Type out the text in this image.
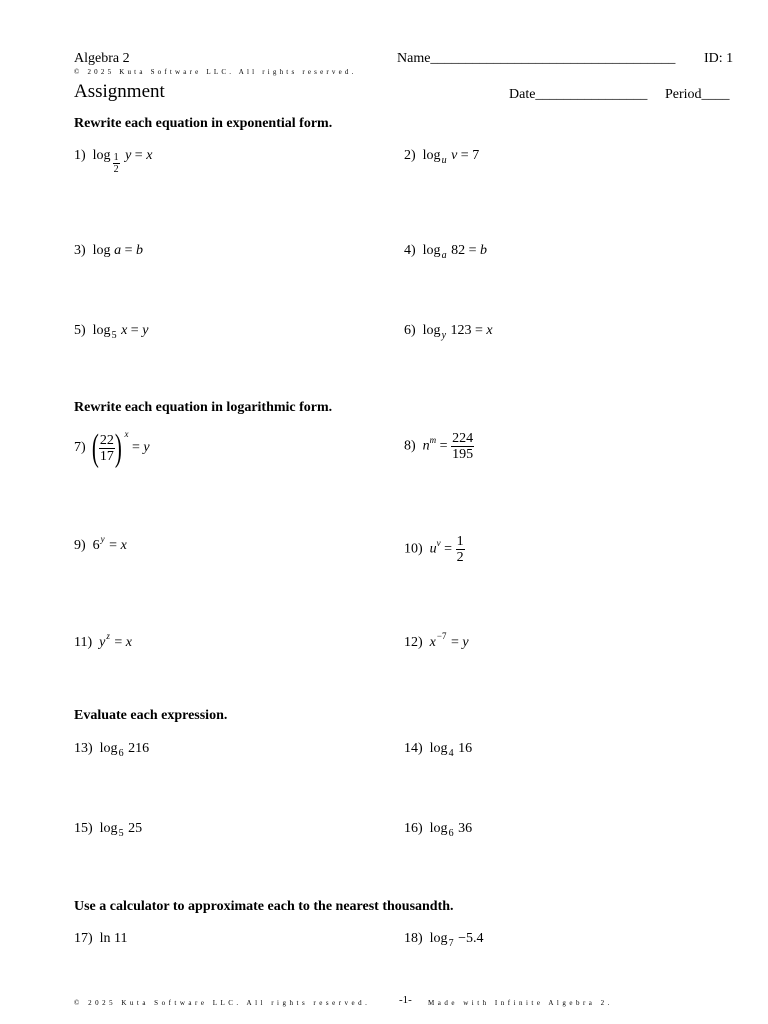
Algebra 2	Name___________________________________ ID: 1
© 2025 Kuta Software LLC. All rights reserved.
Assignment	Date________________ Period____
Rewrite each equation in exponential form.
1) $\log \frac{1}{2}$ y = x	2) $\log_u v = 7$
3) log a = b	4) $\log_a 82 = b$
5) $\log_5 x = y$	6) $\log_y 123 = x$
Rewrite each equation in logarithmic form.
7) ( $\frac{22}{17}$ ) $^x$ = y	8) $n^m = \frac{224}{195}$
9) $6^y = x$	10) $u^v = \frac{1}{2}$
11) $y^z = x$	12) $x^{-7} = y$
Evaluate each expression.
13) $\log_6 216$	14) $\log_4 16$
15) $\log_5 25$	16) $\log_6 36$
Use a calculator to approximate each to the nearest thousandth.
17) ln 11	18) $\log_7 -5.4$
© 2025 Kuta Software LLC. All rights reserved.	-1- Made with Infinite Algebra 2.
